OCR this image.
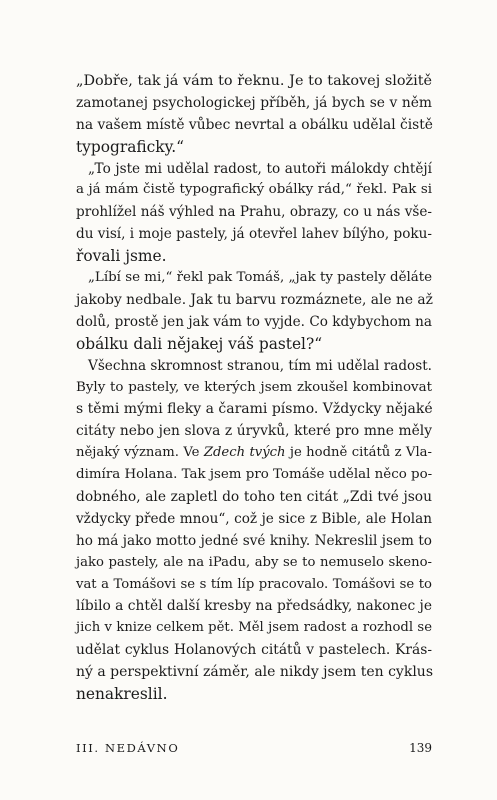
„Dobře, tak já vám to řeknu. Je to takovej složitě
zamotanej psychologickej příběh, já bych se v něm
na vašem místě vůbec nevrtal a obálku udělal čistě
typograficky.“
„To jste mi udělal radost, to autoři málokdy chtějí
a já mám čistě typografický obálky rád,“ řekl. Pak si
prohlížel náš výhled na Prahu, obrazy, co u nás vše-
du visí, i moje pastely, já otevřel lahev bílýho, poku-
řovali jsme.
„Líbí se mi,“ řekl pak Tomáš, „jak ty pastely děláte
jakoby nedbale. Jak tu barvu rozmáznete, ale ne až
dolů, prostě jen jak vám to vyjde. Co kdybychom na
obálku dali nějakej váš pastel?“
Všechna skromnost stranou, tím mi udělal radost.
Byly to pastely, ve kterých jsem zkoušel kombinovat
s těmi mými fleky a čarami písmo. Vždycky nějaké
citáty nebo jen slova z úryvků, které pro mne měly
nějaký význam. Ve Zdech tvých je hodně citátů z Vla-
dimíra Holana. Tak jsem pro Tomáše udělal něco po-
dobného, ale zapletl do toho ten citát „Zdi tvé jsou
vždycky přede mnou“, což je sice z Bible, ale Holan
ho má jako motto jedné své knihy. Nekreslil jsem to
jako pastely, ale na iPadu, aby se to nemuselo skeno-
vat a Tomášovi se s tím líp pracovalo. Tomášovi se to
líbilo a chtěl další kresby na předsádky, nakonec je
jich v knize celkem pět. Měl jsem radost a rozhodl se
udělat cyklus Holanových citátů v pastelech. Krás-
ný a perspektivní záměr, ale nikdy jsem ten cyklus
nenakreslil.
III. NEDÁVNO	139
